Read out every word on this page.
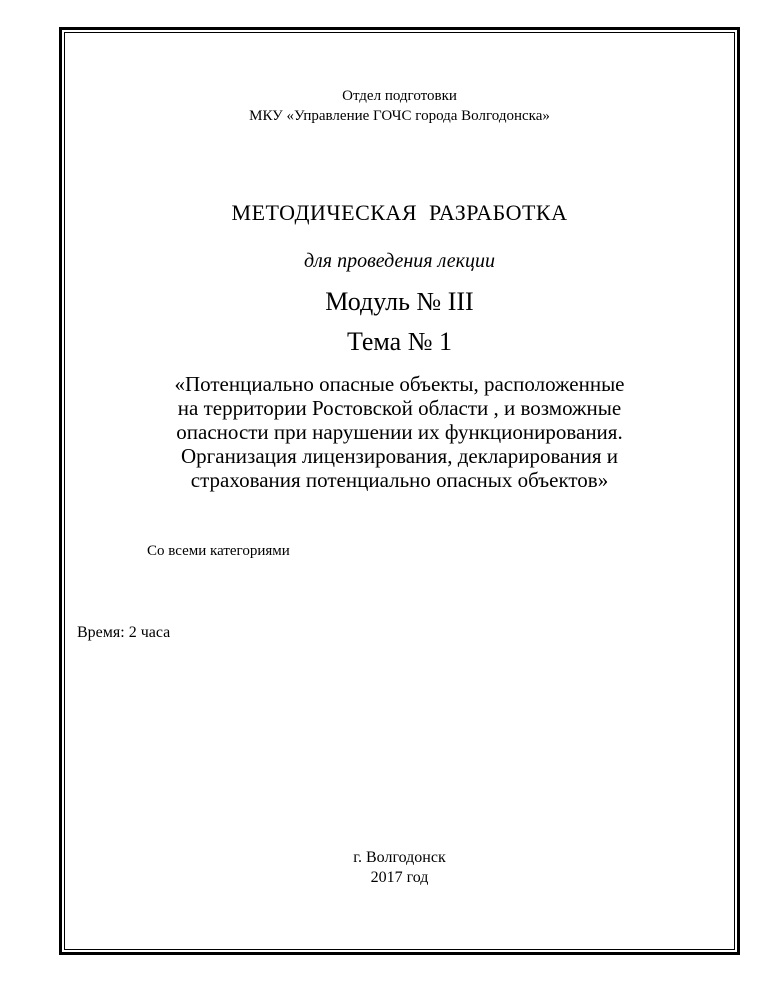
Отдел подготовки
МКУ «Управление ГОЧС города Волгодонска»
МЕТОДИЧЕСКАЯ РАЗРАБОТКА
для проведения лекции
Модуль № III
Тема № 1
«Потенциально опасные объекты, расположенные
на территории Ростовской области , и возможные
опасности при нарушении их функционирования.
Организация лицензирования, декларирования и
страхования потенциально опасных объектов»
Со всеми категориями
Время: 2 часа
г. Волгодонск
2017 год
